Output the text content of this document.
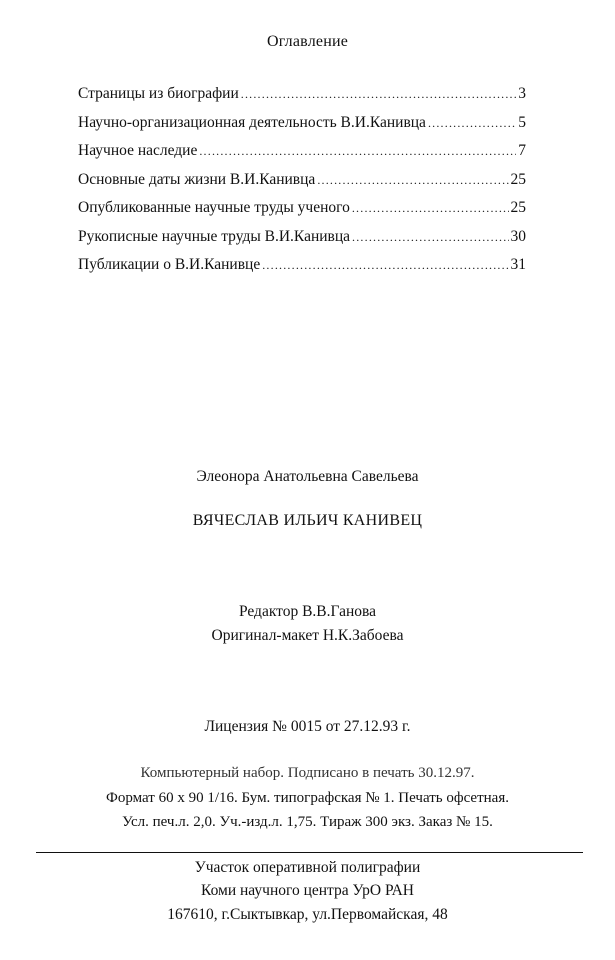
Оглавление
Страницы из биографии .....	3
Научно-организационная деятельность В.И.Канивца .....	5
Научное наследие .....	7
Основные даты жизни В.И.Канивца .....	25
Опубликованные научные труды ученого .....	25
Рукописные научные труды В.И.Канивца .....	30
Публикации о В.И.Канивце .....	31
Элеонора Анатольевна Савельева
ВЯЧЕСЛАВ ИЛЬИЧ КАНИВЕЦ
Редактор В.В.Ганова
Оригинал-макет Н.К.Забоева
Лицензия № 0015 от 27.12.93 г.
Компьютерный набор. Подписано в печать 30.12.97.
Формат 60 х 90 1/16. Бум. типографская № 1. Печать офсетная.
Усл. печ.л. 2,0. Уч.-изд.л. 1,75. Тираж 300 экз. Заказ № 15.
Участок оперативной полиграфии
Коми научного центра УрО РАН
167610, г.Сыктывкар, ул.Первомайская, 48
